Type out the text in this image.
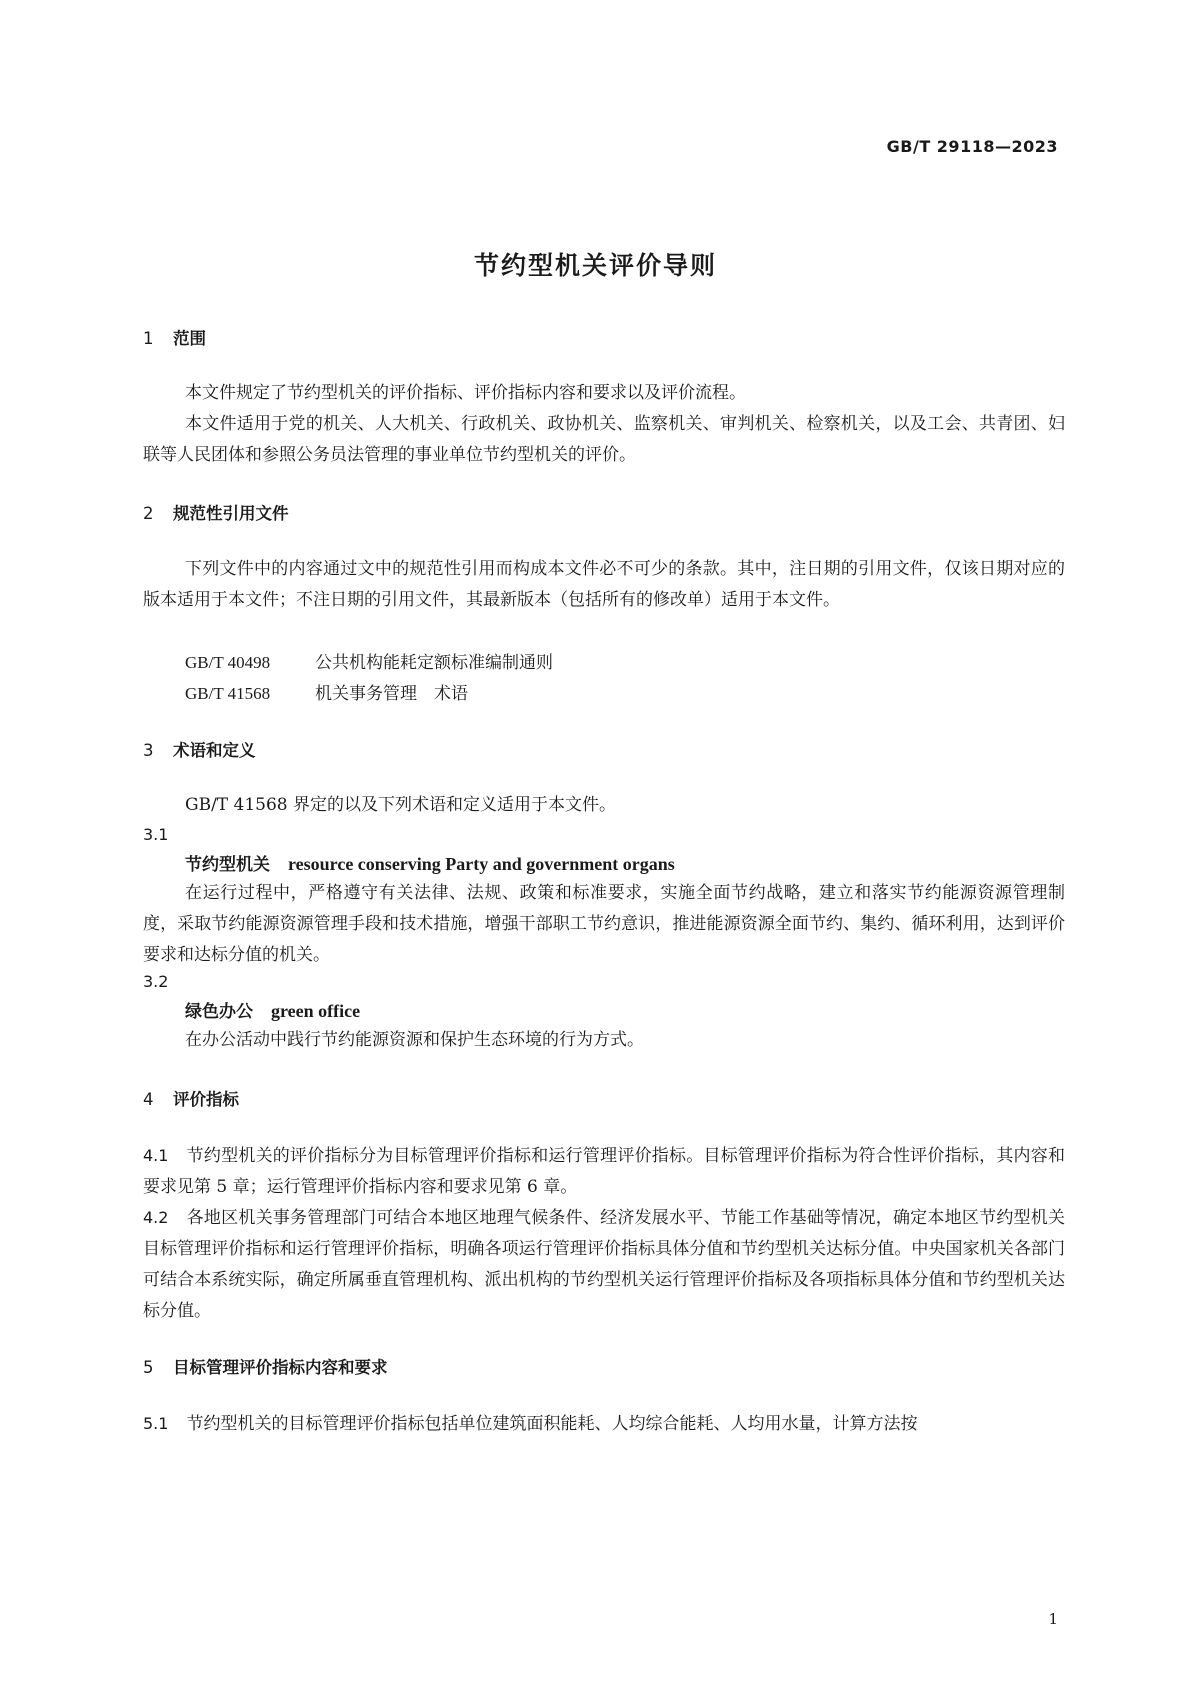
GB/T 29118—2023
节约型机关评价导则
1 范围
本文件规定了节约型机关的评价指标、评价指标内容和要求以及评价流程。
本文件适用于党的机关、人大机关、行政机关、政协机关、监察机关、审判机关、检察机关，以及工会、共青团、妇联等人民团体和参照公务员法管理的事业单位节约型机关的评价。
2 规范性引用文件
下列文件中的内容通过文中的规范性引用而构成本文件必不可少的条款。其中，注日期的引用文件，仅该日期对应的版本适用于本文件；不注日期的引用文件，其最新版本（包括所有的修改单）适用于本文件。
GB/T 40498	公共机构能耗定额标准编制通则
GB/T 41568	机关事务管理　术语
3 术语和定义
GB/T 41568 界定的以及下列术语和定义适用于本文件。
3.1
节约型机关 resource conserving Party and government organs
在运行过程中，严格遵守有关法律、法规、政策和标准要求，实施全面节约战略，建立和落实节约能源资源管理制度，采取节约能源资源管理手段和技术措施，增强干部职工节约意识，推进能源资源全面节约、集约、循环利用，达到评价要求和达标分值的机关。
3.2
绿色办公 green office
在办公活动中践行节约能源资源和保护生态环境的行为方式。
4 评价指标
4.1 节约型机关的评价指标分为目标管理评价指标和运行管理评价指标。目标管理评价指标为符合性评价指标，其内容和要求见第 5 章；运行管理评价指标内容和要求见第 6 章。
4.2 各地区机关事务管理部门可结合本地区地理气候条件、经济发展水平、节能工作基础等情况，确定本地区节约型机关目标管理评价指标和运行管理评价指标，明确各项运行管理评价指标具体分值和节约型机关达标分值。中央国家机关各部门可结合本系统实际，确定所属垂直管理机构、派出机构的节约型机关运行管理评价指标及各项指标具体分值和节约型机关达标分值。
5 目标管理评价指标内容和要求
5.1 节约型机关的目标管理评价指标包括单位建筑面积能耗、人均综合能耗、人均用水量，计算方法按
1
